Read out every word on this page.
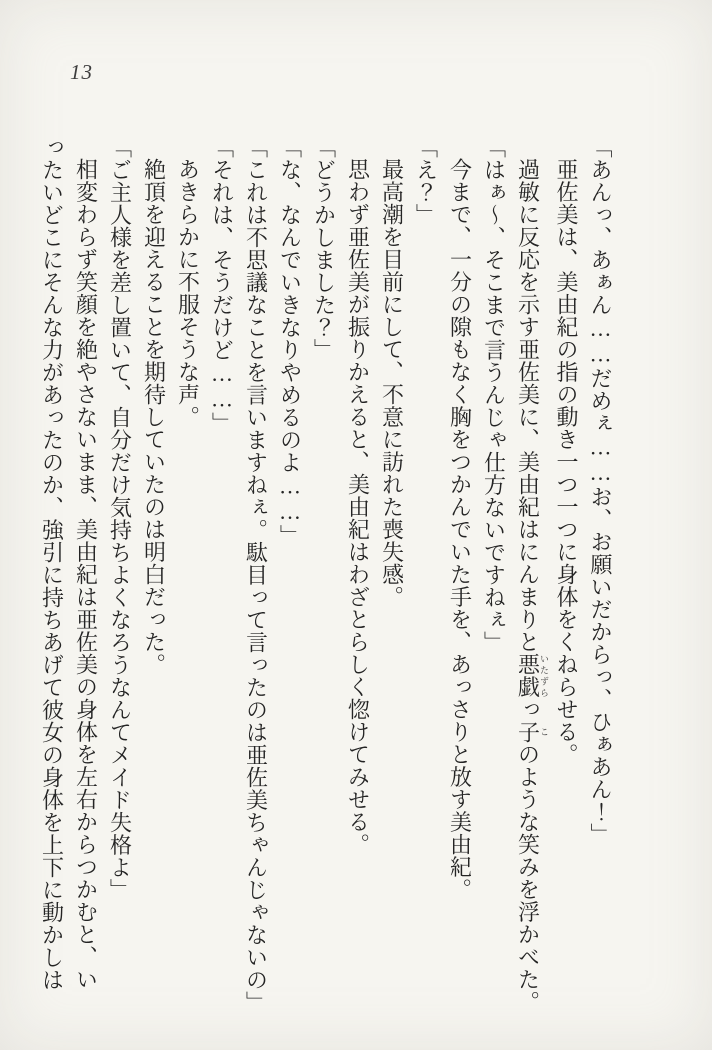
13

「あんっ、あぁん……だめぇ……お、お願いだからっ、ひぁあん！」

亜佐美は、美由紀の指の動き一つ一つに身体をくねらせる。

過敏に反応を示す亜佐美に、美由紀はにんまりと悪戯いたずらっ子このような笑みを浮かべた。

「はぁ〜、そこまで言うんじゃ仕方ないですねぇ」

今まで、一分の隙もなく胸をつかんでいた手を、あっさりと放す美由紀。

「え？」

最高潮を目前にして、不意に訪れた喪失感。

思わず亜佐美が振りかえると、美由紀はわざとらしく惚けてみせる。

「どうかしました？」

「な、なんでいきなりやめるのよ……」

「これは不思議なことを言いますねぇ。駄目って言ったのは亜佐美ちゃんじゃないの」

「それは、そうだけど……」

あきらかに不服そうな声。

絶頂を迎えることを期待していたのは明白だった。

「ご主人様を差し置いて、自分だけ気持ちよくなろうなんてメイド失格よ」

相変わらず笑顔を絶やさないまま、美由紀は亜佐美の身体を左右からつかむと、い

ったいどこにそんな力があったのか、強引に持ちあげて彼女の身体を上下に動かしは
